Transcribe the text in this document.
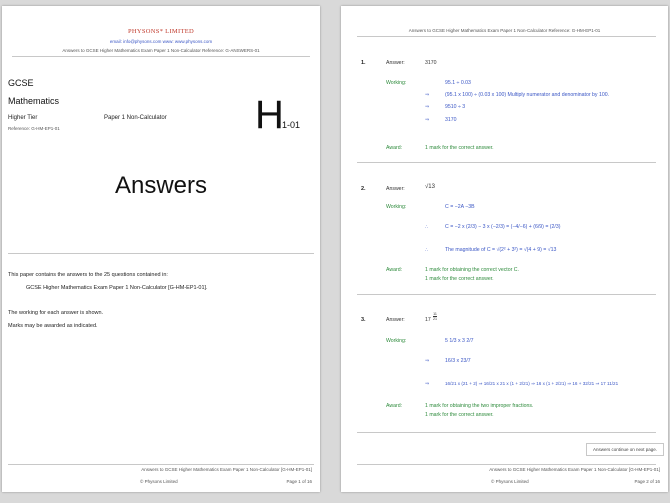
PHYSONS* LIMITED
email: info@physons.com www: www.physons.com
Answers to GCSE Higher Mathematics Exam Paper 1 Non-Calculator Reference: G-ANSWERS-01
GCSE
Mathematics
Higher Tier	Paper 1 Non-Calculator
Reference: G-HM-EP1-01	H
1-01
Answers
This paper contains the answers to the 25 questions contained in:
GCSE Higher Mathematics Exam Paper 1 Non-Calculator [G-HM-EP1-01].
The working for each answer is shown.
Marks may be awarded as indicated.
Answers to GCSE Higher Mathematics Exam Paper 1 Non-Calculator [G-HM-EP1-01]
© Physons Limited	Page 1 of 16
Answers to GCSE Higher Mathematics Exam Paper 1 Non-Calculator Reference: G-HM-EP1-01
1.	Answer:	3170
Working:	95.1 ÷ 0.03
⇒	(95.1 x 100) ÷ (0.03 x 100) Multiply numerator and denominator by 100.
⇒	9510 ÷ 3
⇒	3170
Award:	1 mark for the correct answer.
2.	Answer:	√13
Working:	C = −2A −3B
∴	C = −2 x (2/3) − 3 x (−2/3) = (−4/−6) + (6/9) = (2/3)
∴	The magnitude of C = √(2² + 3²) = √(4 + 9) = √13
Award:	1 mark for obtaining the correct vector C.
1 mark for the correct answer.
3.	Answer:	$17 \frac{11}{21}$
Working:	5 1/3 x 3 2/7
⇒	16/3 x 23/7
⇒	16/21 x (21 + 2) ⇒ 16/21 x 21 x (1 + 2/21) ⇒ 16 x (1 + 2/21) ⇒ 16 + 32/21 ⇒ 17 11/21
Award:	1 mark for obtaining the two improper fractions.
1 mark for the correct answer.
Answers continue on next page.
Answers to GCSE Higher Mathematics Exam Paper 1 Non-Calculator [G-HM-EP1-01]
© Physons Limited	Page 2 of 16
